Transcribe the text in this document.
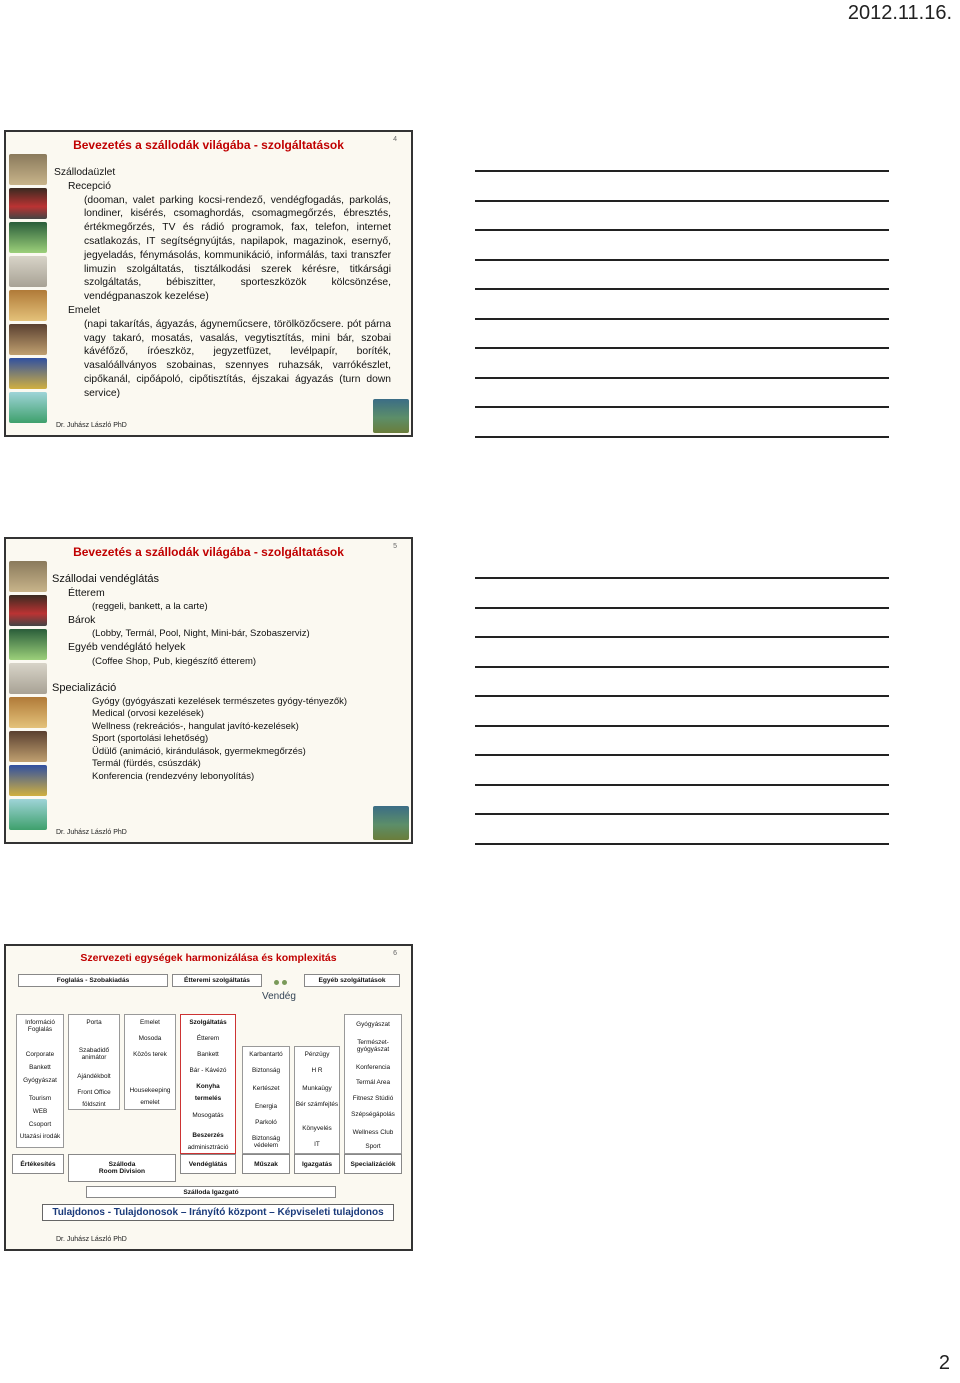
2012.11.16.
Bevezetés a szállodák világába - szolgáltatások	4
Szállodaüzlet
Recepció
(dooman, valet parking kocsi-rendező, vendégfogadás, parkolás, londiner, kisérés, csomaghordás, csomagmegőrzés, ébresztés, értékmegőrzés, TV és rádió programok, fax, telefon, internet csatlakozás, IT segítségnyújtás, napilapok, magazinok, esernyő, jegyeladás, fénymásolás, kommunikáció, informálás, taxi transzfer limuzin szolgáltatás, tisztálkodási szerek kérésre, titkársági szolgáltatás, bébiszitter, sporteszközök kölcsönzése, vendégpanaszok kezelése)
Emelet
(napi takarítás, ágyazás, ágyneműcsere, törölközőcsere. pót párna vagy takaró, mosatás, vasalás, vegytisztítás, mini bár, szobai kávéfőző, íróeszköz, jegyzetfüzet, levélpapír, boríték, vasalóállványos szobainas, szennyes ruhazsák, varrókészlet, cipőkanál, cipőápoló, cipőtisztítás, éjszakai ágyazás (turn down service)
Dr. Juhász László PhD
Bevezetés a szállodák világába - szolgáltatások	5
Szállodai vendéglátás
Étterem
(reggeli, bankett, a la carte)
Bárok
(Lobby, Termál, Pool, Night, Mini-bár, Szobaszerviz)
Egyéb vendéglátó helyek
(Coffee Shop, Pub, kiegészítő étterem)
Specializáció
Gyógy (gyógyászati kezelések természetes gyógy-tényezők)
Medical (orvosi kezelések)
Wellness (rekreációs-, hangulat javító-kezelések)
Sport (sportolási lehetőség)
Üdülő (animáció, kirándulások, gyermekmegőrzés)
Termál (fürdés, csúszdák)
Konferencia (rendezvény lebonyolítás)
Dr. Juhász László PhD
Szervezeti egységek harmonizálása és komplexitás	6
Foglalás - Szobakiadás	Étteremi szolgáltatás	Egyéb szolgáltatások
Vendég
Információ Foglalás
Corporate
Bankett
Gyógyászat
Tourism
WEB
Csoport
Utazási irodák
Porta
Szabadidő animátor
Ajándékbolt
Front Office
földszint
Emelet
Mosoda
Közös terek
Housekeeping
emelet
Szolgáltatás
Étterem
Bankett
Bár - Kávézó
Konyha
termelés
Mosogatás
Beszerzés
adminisztráció
Karbantartó
Biztonság
Kertészet
Energia
Parkoló
Biztonság védelem
Pénzügy
H R
Munkaügy
Bér számfejtés
Könyvelés
IT
Gyógyászat
Természet- gyógyászat
Konferencia
Termál Area
Fitnesz Stúdió
Szépségápolás
Wellness Club
Sport
Értékesítés	Szálloda
Room Division
Vendéglátás	Műszak	Igazgatás	Specializációk
Szálloda Igazgató
Tulajdonos - Tulajdonosok – Irányító központ – Képviseleti tulajdonos
Dr. Juhász László PhD
2
